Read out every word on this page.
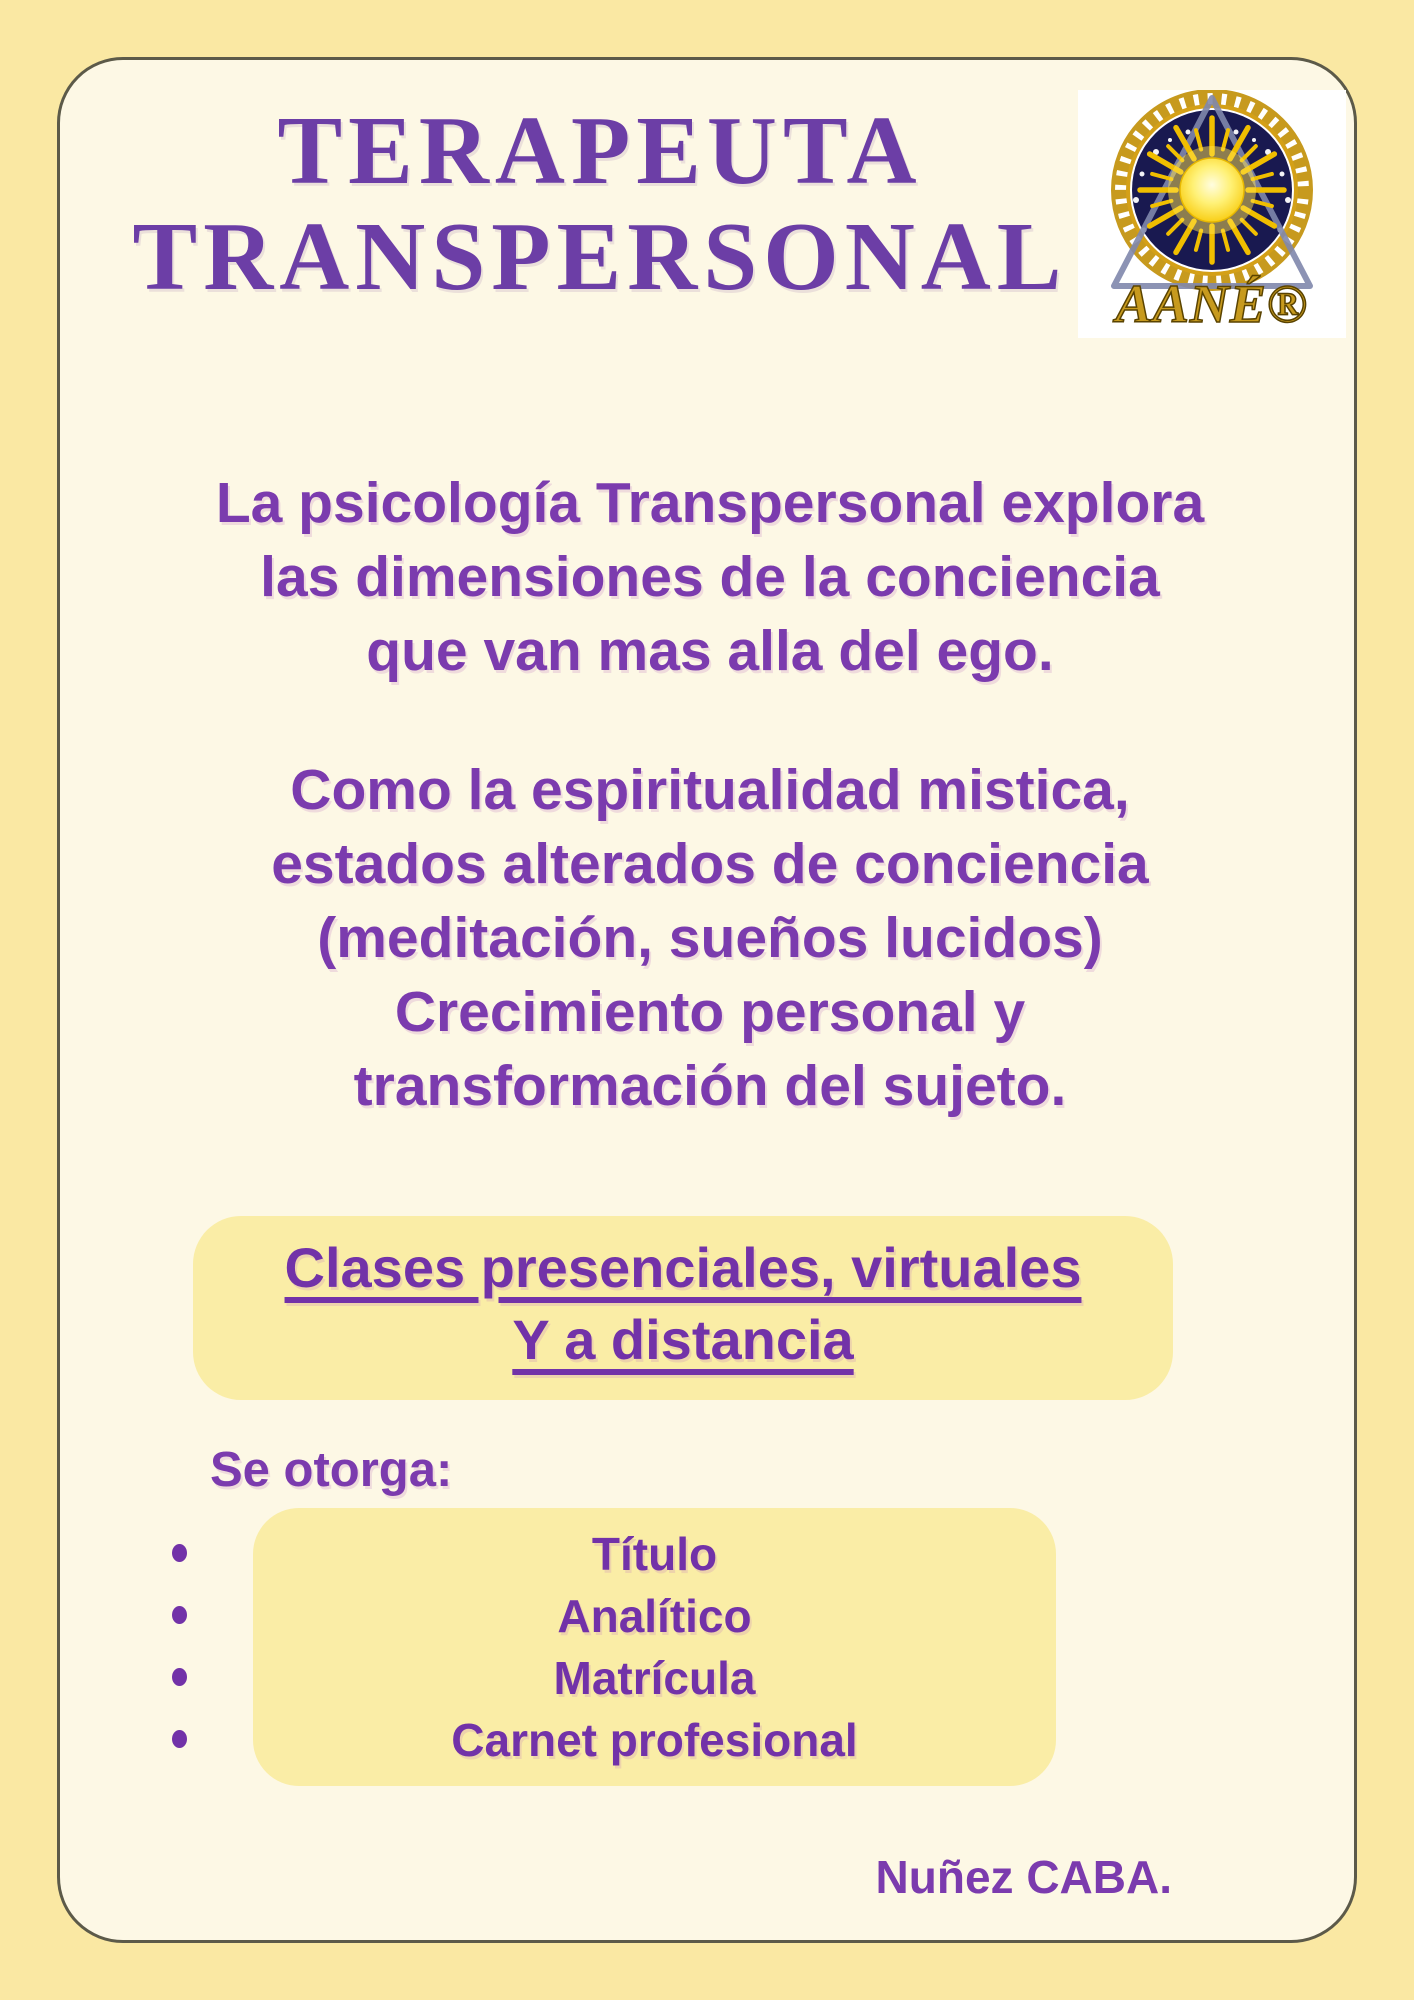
TERAPEUTA
TRANSPERSONAL AANÉ®
La psicología Transpersonal explora
las dimensiones de la conciencia
que van mas alla del ego.
Como la espiritualidad mistica,
estados alterados de conciencia
(meditación, sueños lucidos)
Crecimiento personal y
transformación del sujeto.
Clases presenciales, virtuales
Y a distancia
Se otorga:
Título
Analítico
Matrícula
Carnet profesional
Nuñez CABA.
